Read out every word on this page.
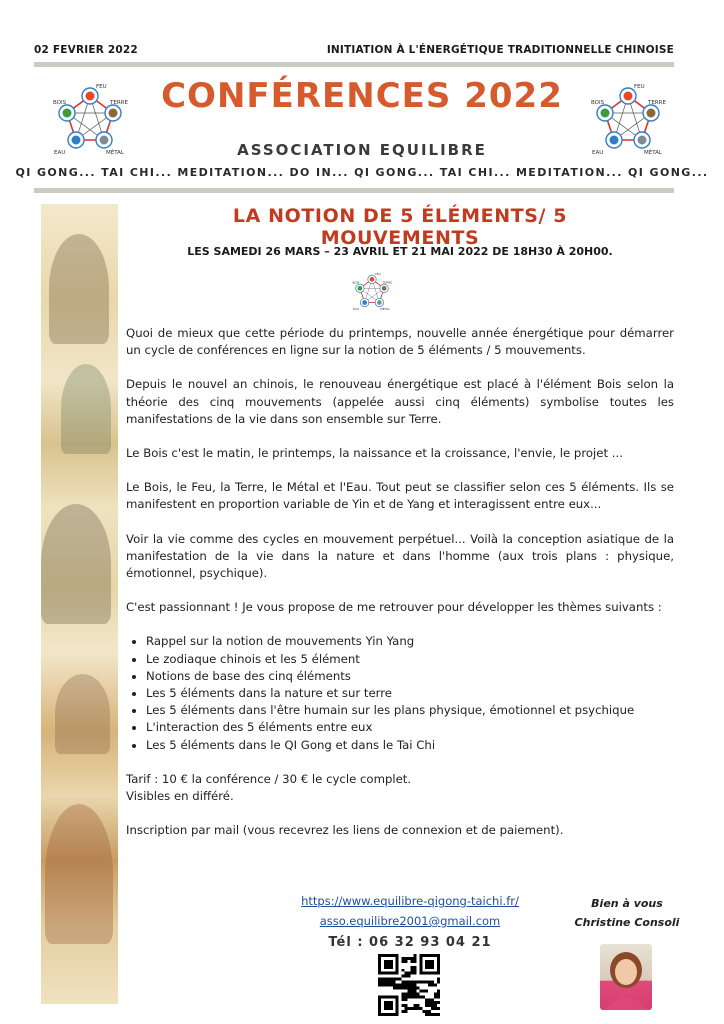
02 FEVRIER 2022	INITIATION À L'ÉNERGÉTIQUE TRADITIONNELLE CHINOISE
FEU
TERRE
MÉTAL
EAU
BOIS
FEU
TERRE
MÉTAL
EAU
BOIS
CONFÉRENCES 2022
ASSOCIATION EQUILIBRE
QI GONG... TAI CHI... MEDITATION... DO IN... QI GONG... TAI CHI... MEDITATION... QI GONG...
LA NOTION DE 5 ÉLÉMENTS/ 5 MOUVEMENTS
LES SAMEDI 26 MARS – 23 AVRIL ET 21 MAI 2022 DE 18H30 À 20H00.
FEU
TERRE
MÉTAL
EAU
BOIS

Quoi de mieux que cette période du printemps, nouvelle année énergétique pour démarrer un cycle de conférences en ligne sur la notion de 5 éléments / 5 mouvements.

Depuis le nouvel an chinois, le renouveau énergétique est placé à l'élément Bois selon la théorie des cinq mouvements (appelée aussi cinq éléments) symbolise toutes les manifestations de la vie dans son ensemble sur Terre.

Le Bois c'est le matin, le printemps, la naissance et la croissance, l'envie, le projet ...

Le Bois, le Feu, la Terre, le Métal et l'Eau. Tout peut se classifier selon ces 5 éléments. Ils se manifestent en proportion variable de Yin et de Yang et interagissent entre eux...

Voir la vie comme des cycles en mouvement perpétuel... Voilà la conception asiatique de la manifestation de la vie dans la nature et dans l'homme (aux trois plans : physique, émotionnel, psychique).

C'est passionnant ! Je vous propose de me retrouver pour développer les thèmes suivants :

• Rappel sur la notion de mouvements Yin Yang
• Le zodiaque chinois et les 5 élément
• Notions de base des cinq éléments
• Les 5 éléments dans la nature et sur terre
• Les 5 éléments dans l'être humain sur les plans physique, émotionnel et psychique
• L'interaction des 5 éléments entre eux
• Les 5 éléments dans le QI Gong et dans le Tai Chi

Tarif : 10 € la conférence / 30 € le cycle complet.
Visibles en différé.

Inscription par mail (vous recevrez les liens de connexion et de paiement).

https://www.equilibre-qigong-taichi.fr/
asso.equilibre2001@gmail.com
Tél : 06 32 93 04 21
Bien à vous
Christine Consoli
